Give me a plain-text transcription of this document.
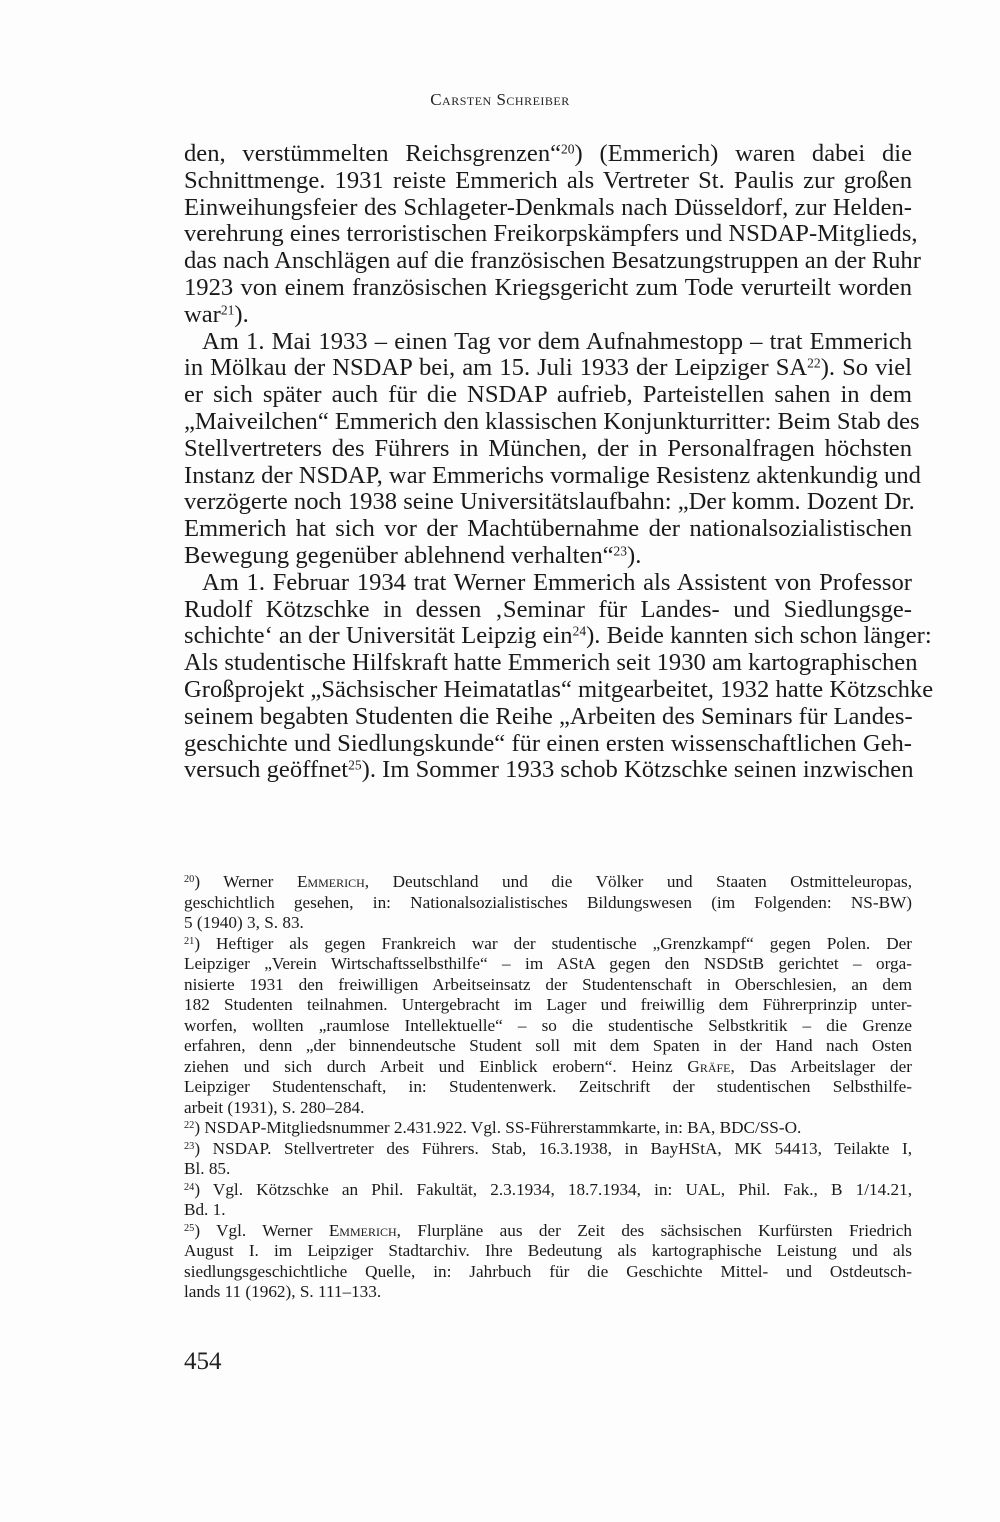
Carsten Schreiber
den, verstümmelten Reichsgrenzen“$^{20}$) (Emmerich) waren dabei die
Schnittmenge. 1931 reiste Emmerich als Vertreter St. Paulis zur großen
Einweihungsfeier des Schlageter-Denkmals nach Düsseldorf, zur Helden-
verehrung eines terroristischen Freikorpskämpfers und NSDAP-Mitglieds,
das nach Anschlägen auf die französischen Besatzungstruppen an der Ruhr
1923 von einem französischen Kriegsgericht zum Tode verurteilt worden
war$^{21}$).
Am 1. Mai 1933 – einen Tag vor dem Aufnahmestopp – trat Emmerich
in Mölkau der NSDAP bei, am 15. Juli 1933 der Leipziger SA$^{22}$). So viel
er sich später auch für die NSDAP aufrieb, Parteistellen sahen in dem
„Maiveilchen“ Emmerich den klassischen Konjunkturritter: Beim Stab des
Stellvertreters des Führers in München, der in Personalfragen höchsten
Instanz der NSDAP, war Emmerichs vormalige Resistenz aktenkundig und
verzögerte noch 1938 seine Universitätslaufbahn: „Der komm. Dozent Dr.
Emmerich hat sich vor der Machtübernahme der nationalsozialistischen
Bewegung gegenüber ablehnend verhalten“$^{23}$).
Am 1. Februar 1934 trat Werner Emmerich als Assistent von Professor
Rudolf Kötzschke in dessen ‚Seminar für Landes- und Siedlungsge-
schichte‘ an der Universität Leipzig ein$^{24}$). Beide kannten sich schon länger:
Als studentische Hilfskraft hatte Emmerich seit 1930 am kartographischen
Großprojekt „Sächsischer Heimatatlas“ mitgearbeitet, 1932 hatte Kötzschke
seinem begabten Studenten die Reihe „Arbeiten des Seminars für Landes-
geschichte und Siedlungskunde“ für einen ersten wissenschaftlichen Geh-
versuch geöffnet$^{25}$). Im Sommer 1933 schob Kötzschke seinen inzwischen
$^{20}$) Werner Emmerich, Deutschland und die Völker und Staaten Ostmitteleuropas,
geschichtlich gesehen, in: Nationalsozialistisches Bildungswesen (im Folgenden: NS-BW)
5 (1940) 3, S. 83.
$^{21}$) Heftiger als gegen Frankreich war der studentische „Grenzkampf“ gegen Polen. Der
Leipziger „Verein Wirtschaftsselbsthilfe“ – im AStA gegen den NSDStB gerichtet – orga-
nisierte 1931 den freiwilligen Arbeitseinsatz der Studentenschaft in Oberschlesien, an dem
182 Studenten teilnahmen. Untergebracht im Lager und freiwillig dem Führerprinzip unter-
worfen, wollten „raumlose Intellektuelle“ – so die studentische Selbstkritik – die Grenze
erfahren, denn „der binnendeutsche Student soll mit dem Spaten in der Hand nach Osten
ziehen und sich durch Arbeit und Einblick erobern“. Heinz Gräfe, Das Arbeitslager der
Leipziger Studentenschaft, in: Studentenwerk. Zeitschrift der studentischen Selbsthilfe-
arbeit (1931), S. 280–284.
$^{22}$) NSDAP-Mitgliedsnummer 2.431.922. Vgl. SS-Führerstammkarte, in: BA, BDC/SS-O.
$^{23}$) NSDAP. Stellvertreter des Führers. Stab, 16.3.1938, in BayHStA, MK 54413, Teilakte I,
Bl. 85.
$^{24}$) Vgl. Kötzschke an Phil. Fakultät, 2.3.1934, 18.7.1934, in: UAL, Phil. Fak., B 1/14.21,
Bd. 1.
$^{25}$) Vgl. Werner Emmerich, Flurpläne aus der Zeit des sächsischen Kurfürsten Friedrich
August I. im Leipziger Stadtarchiv. Ihre Bedeutung als kartographische Leistung und als
siedlungsgeschichtliche Quelle, in: Jahrbuch für die Geschichte Mittel- und Ostdeutsch-
lands 11 (1962), S. 111–133.
454
